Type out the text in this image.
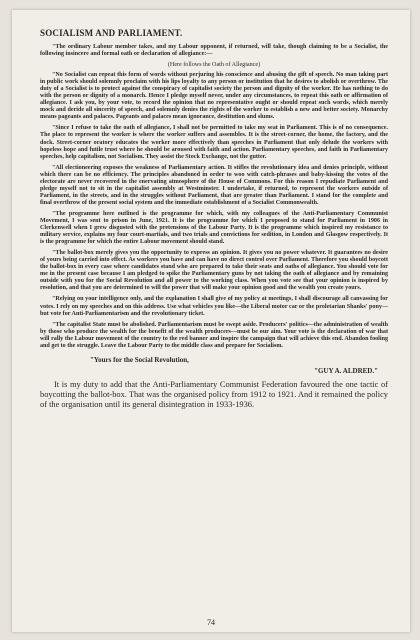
SOCIALISM AND PARLIAMENT.

"The ordinary Labour member takes, and my Labour opponent, if returned, will take, though claiming to be a Socialist, the following insincere and formal oath or declaration of allegiance:—

(Here follows the Oath of Allegiance)

"No Socialist can repeat this form of words without perjuring his conscience and abusing the gift of speech. No man taking part in public work should solemnly proclaim with his lips loyalty to any person or institution that he desires to abolish or overthrow. The duty of a Socialist is to protect against the conspiracy of capitalist society the person and dignity of the worker. He has nothing to do with the person or dignity of a monarch. Hence I pledge myself never, under any circumstances, to repeat this oath or affirmation of allegiance. I ask you, by your vote, to record the opinion that no representative ought or should repeat such words, which merely mock and deride all sincerity of speech, and solemnly denies the rights of the worker to establish a new and better society. Monarchy means pageants and palaces. Pageants and palaces mean ignorance, destitution and slums.

"Since I refuse to take the oath of allegiance, I shall not be permitted to take my seat in Parliament. This is of no consequence. The place to represent the worker is where the worker suffers and assembles. It is the street-corner, the home, the factory, and the dock. Street-corner oratory educates the worker more effectively than speeches in Parliament that only delude the workers with hopeless hope and futile trust where he should be aroused with faith and action. Parliamentary speeches, and faith in Parliamentary speeches, help capitalism, not Socialism. They assist the Stock Exchange, not the gutter.

"All electioneering exposes the weakness of Parliamentary action. It stifles the revolutionary idea and denies principle, without which there can be no efficiency. The principles abandoned in order to woo with catch-phrases and baby-kissing the votes of the electorate are never recovered in the enervating atmosphere of the House of Commons. For this reason I repudiate Parliament and pledge myself not to sit in the capitalist assembly at Westminster. I undertake, if returned, to represent the workers outside of Parliament, in the streets, and in the struggles without Parliament, that are greater than Parliament. I stand for the complete and final overthrow of the present social system and the immediate establishment of a Socialist Commonwealth.

"The programme here outlined is the programme for which, with my colleagues of the Anti-Parliamentary Communist Movement, I was sent to prison in June, 1921. It is the programme for which I proposed to stand for Parliament in 1906 in Clerkenwell when I grew disgusted with the pretensions of the Labour Party. It is the programme which inspired my resistance to military service, explains my four court-martials, and two trials and convictions for sedition, in London and Glasgow respectively. It is the programme for which the entire Labour movement should stand.

"The ballot-box merely gives you the opportunity to express an opinion. It gives you no power whatever. It guarantees no desire of yours being carried into effect. As workers you have and can have no direct control over Parliament. Therefore you should boycott the ballot-box in every case where candidates stand who are prepared to take their seats and oaths of allegiance. You should vote for me in the present case because I am pledged to spike the Parliamentary guns by not taking the oath of allegiance and by remaining outside with you for the Social Revolution and all power to the working class. When you vote see that your opinion is inspired by resolution, and that you are determined to will the power that will make your opinion good and the wealth you create yours.

"Relying on your intelligence only, and the explanation I shall give of my policy at meetings, I shall discourage all canvassing for votes. I rely on my speeches and on this address. Use what vehicles you like—the Liberal motor car or the proletarian Shanks' pony—but vote for Anti-Parliamentarism and the revolutionary ticket.

"The capitalist State must be abolished. Parliamentarism must be swept aside. Producers' politics—the administration of wealth by those who produce the wealth for the benefit of the wealth producers—must be our aim. Your vote is the declaration of war that will rally the Labour movement of the country to the red banner and inspire the campaign that will achieve this end. Abandon fooling and get to the struggle. Leave the Labour Party to the middle class and prepare for Socialism.

"Yours for the Social Revolution,
"GUY A. ALDRED."

It is my duty to add that the Anti-Parliamentary Communist Federation favoured the one tactic of boycotting the ballot-box. That was the organised policy from 1912 to 1921. And it remained the policy of the organisation until its general disintegration in 1933-1936.

74
